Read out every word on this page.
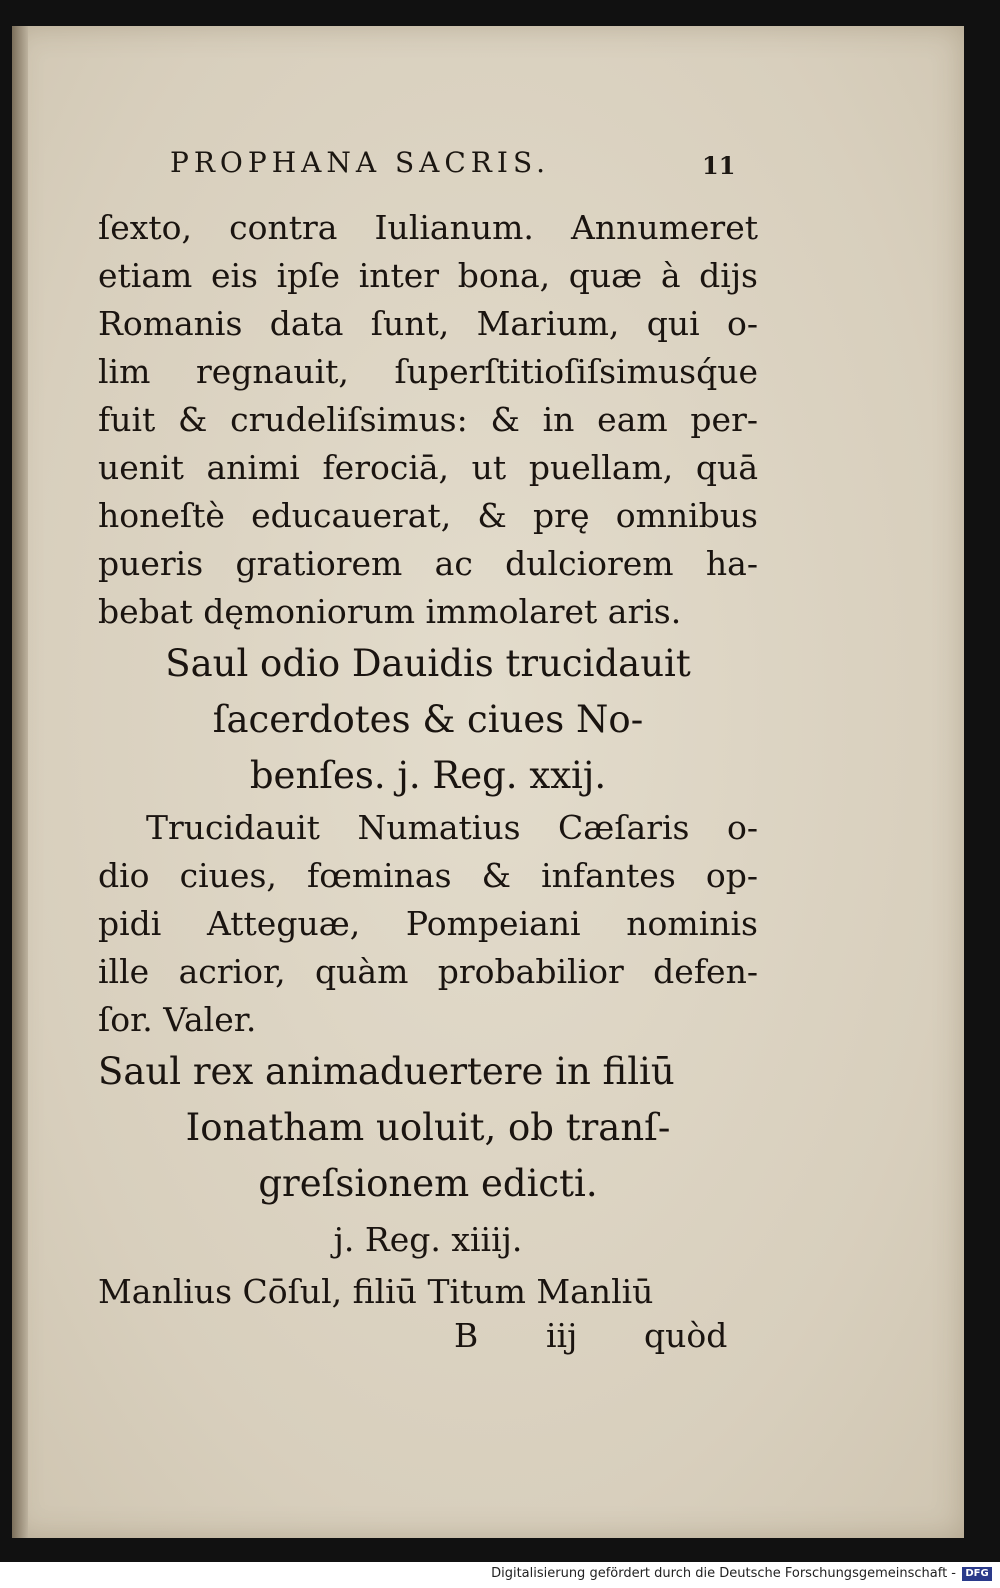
PROPHANA SACRIS.	11
ſexto, contra Iulianum. Annumeret
etiam eis ipſe inter bona, quæ à dijs
Romanis data ſunt, Marium, qui o-
lim regnauit, ſuperſtitioſiſsimusq́ue
fuit & crudeliſsimus: & in eam per-
uenit animi ferociā, ut puellam, quā
honeſtè educauerat, & prę omnibus
pueris gratiorem ac dulciorem ha-
bebat dęmoniorum immolaret aris.
Saul odio Dauidis trucidauit
ſacerdotes & ciues No-
benſes. j. Reg. xxij.
Trucidauit Numatius Cæſaris o-
dio ciues, fœminas & infantes op-
pidi Atteguæ, Pompeiani nominis
ille acrior, quàm probabilior defen-
ſor. Valer.
Saul rex animaduertere in filiū
Ionatham uoluit, ob tranſ-
greſsionem edicti.
j. Reg. xiiij.
Manlius Cōſul, filiū Titum Manliū
B iij quòd
Digitalisierung gefördert durch die Deutsche Forschungsgemeinschaft - DFG
